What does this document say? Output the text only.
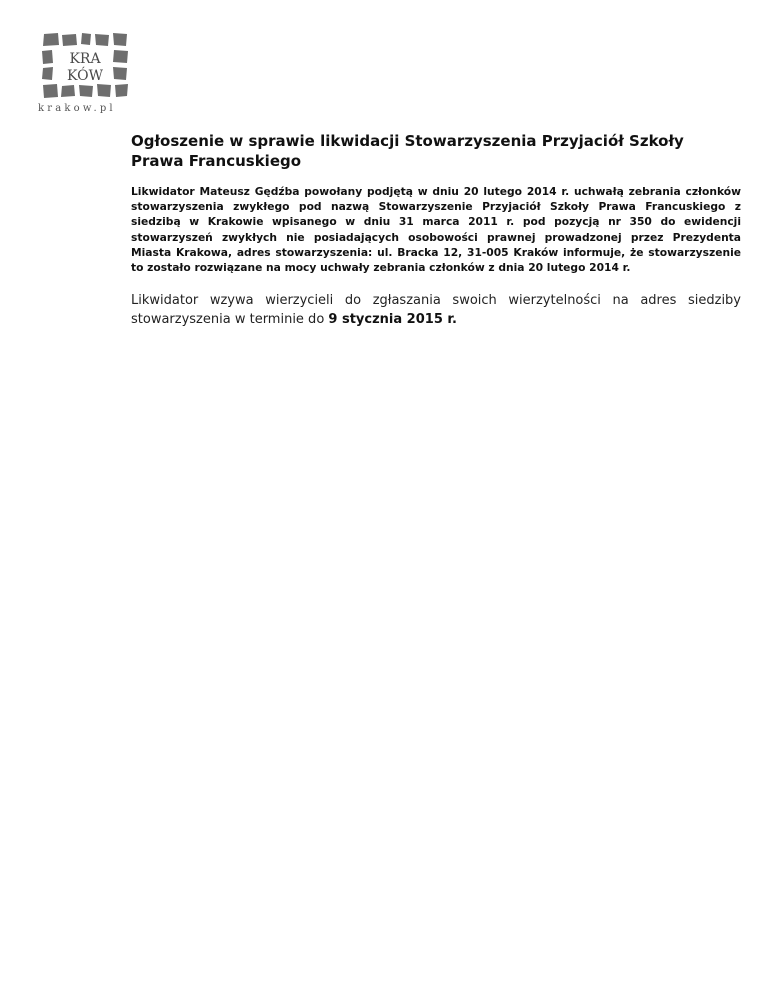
KRA
KÓW
krakow.pl
Ogłoszenie w sprawie likwidacji Stowarzyszenia Przyjaciół Szkoły Prawa Francuskiego

Likwidator Mateusz Gędźba powołany podjętą w dniu 20 lutego 2014 r. uchwałą zebrania członków stowarzyszenia zwykłego pod nazwą Stowarzyszenie Przyjaciół Szkoły Prawa Francuskiego z siedzibą w Krakowie wpisanego w dniu 31 marca 2011 r. pod pozycją nr 350 do ewidencji stowarzyszeń zwykłych nie posiadających osobowości prawnej prowadzonej przez Prezydenta Miasta Krakowa, adres stowarzyszenia: ul. Bracka 12, 31-005 Kraków informuje, że stowarzyszenie to zostało rozwiązane na mocy uchwały zebrania członków z dnia 20 lutego 2014 r.

Likwidator wzywa wierzycieli do zgłaszania swoich wierzytelności na adres siedziby stowarzyszenia w terminie do 9 stycznia 2015 r.
